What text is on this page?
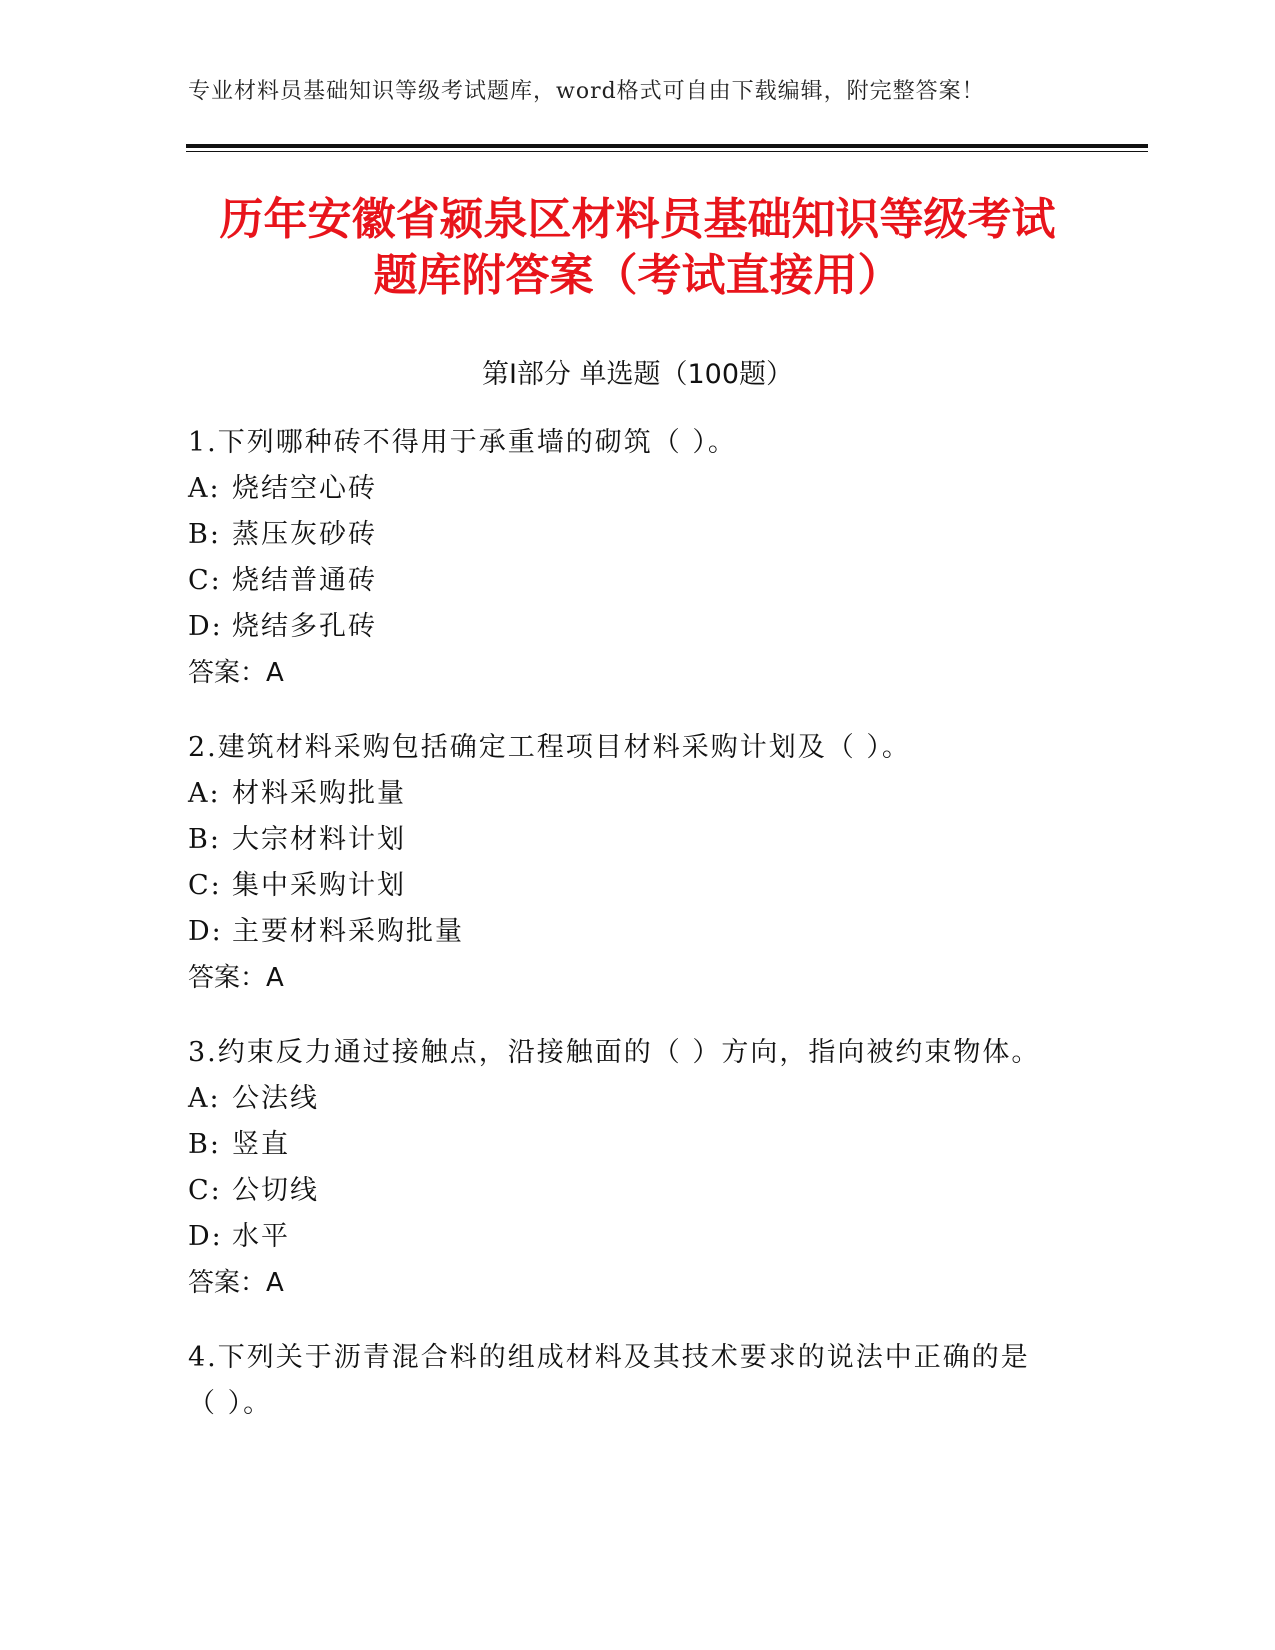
专业材料员基础知识等级考试题库，word格式可自由下载编辑，附完整答案！
历年安徽省颍泉区材料员基础知识等级考试
题库附答案（考试直接用）
第Ⅰ部分 单选题（100题）

1.下列哪种砖不得用于承重墙的砌筑（ ）。

A: 烧结空心砖

B: 蒸压灰砂砖

C: 烧结普通砖

D: 烧结多孔砖

答案：A

2.建筑材料采购包括确定工程项目材料采购计划及（ ）。

A: 材料采购批量

B: 大宗材料计划

C: 集中采购计划

D: 主要材料采购批量

答案：A

3.约束反力通过接触点，沿接触面的（ ）方向，指向被约束物体。

A: 公法线

B: 竖直

C: 公切线

D: 水平

答案：A

4.下列关于沥青混合料的组成材料及其技术要求的说法中正确的是（ ）。
